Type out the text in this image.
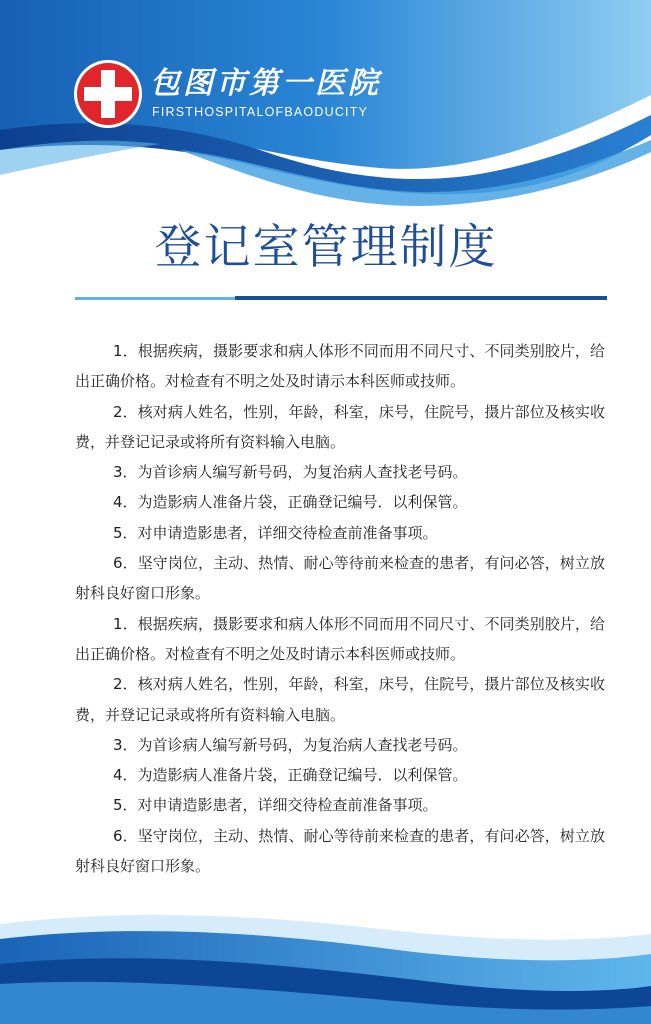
包图市第一医院
FIRSTHOSPITALOFBAODUCITY
登记室管理制度

1．根据疾病，摄影要求和病人体形不同而用不同尺寸、不同类别胶片，给出正确价格。对检查有不明之处及时请示本科医师或技师。

2．核对病人姓名，性别，年龄，科室，床号，住院号，摄片部位及核实收费，并登记记录或将所有资料输入电脑。

3．为首诊病人编写新号码，为复治病人查找老号码。

4．为造影病人准备片袋，正确登记编号．以利保管。

5．对申请造影患者，详细交待检查前准备事项。

6．坚守岗位，主动、热情、耐心等待前来检查的患者，有问必答，树立放射科良好窗口形象。

1．根据疾病，摄影要求和病人体形不同而用不同尺寸、不同类别胶片，给出正确价格。对检查有不明之处及时请示本科医师或技师。

2．核对病人姓名，性别，年龄，科室，床号，住院号，摄片部位及核实收费，并登记记录或将所有资料输入电脑。

3．为首诊病人编写新号码，为复治病人查找老号码。

4．为造影病人准备片袋，正确登记编号．以利保管。

5．对申请造影患者，详细交待检查前准备事项。

6．坚守岗位，主动、热情、耐心等待前来检查的患者，有问必答，树立放射科良好窗口形象。
